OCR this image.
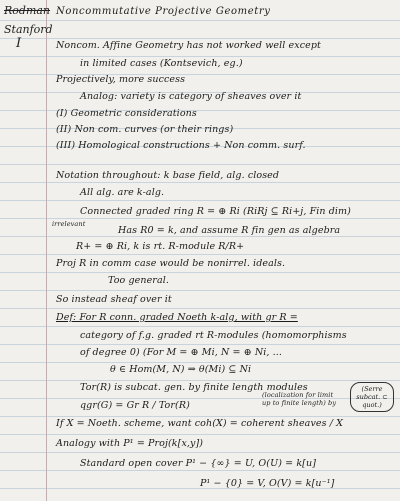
Rodman
Stanford
I
Noncommutative Projective Geometry
Noncom. Affine Geometry has not worked well except
in limited cases (Kontsevich, eg.)
Projectively, more success
Analog: variety is category of sheaves over it
(I) Geometric considerations
(II) Non com. curves (or their rings)
(III) Homological constructions + Non comm. surf.
Notation throughout: k base field, alg. closed
All alg. are k-alg.
Connected graded ring R = ⊕ Ri (RiRj ⊆ Ri+j, Fin dim)
irrelevant
Has R0 = k, and assume R fin gen as algebra
R+ = ⊕ Ri, k is rt. R-module R/R+
Proj R in comm case would be nonirrel. ideals.
Too general.
So instead sheaf over it
Def: For R conn. graded Noeth k-alg, with gr R =
category of f.g. graded rt R-modules (homomorphisms
of degree 0) (For M = ⊕ Mi, N = ⊕ Ni, ...
θ ∈ Hom(M, N) ⇒ θ(Mi) ⊆ Ni
Tor(R) is subcat. gen. by finite length modules
(localization for limit
qgr(G) = Gr R / Tor(R)	up to finite length) by
(Serre subcat. ⊂ quot.)
If X = Noeth. scheme, want coh(X) = coherent sheaves / X
Analogy with P¹ = Proj(k[x,y])
Standard open cover P¹ − {∞} = U, O(U) = k[u]
P¹ − {0} = V, O(V) = k[u⁻¹]
